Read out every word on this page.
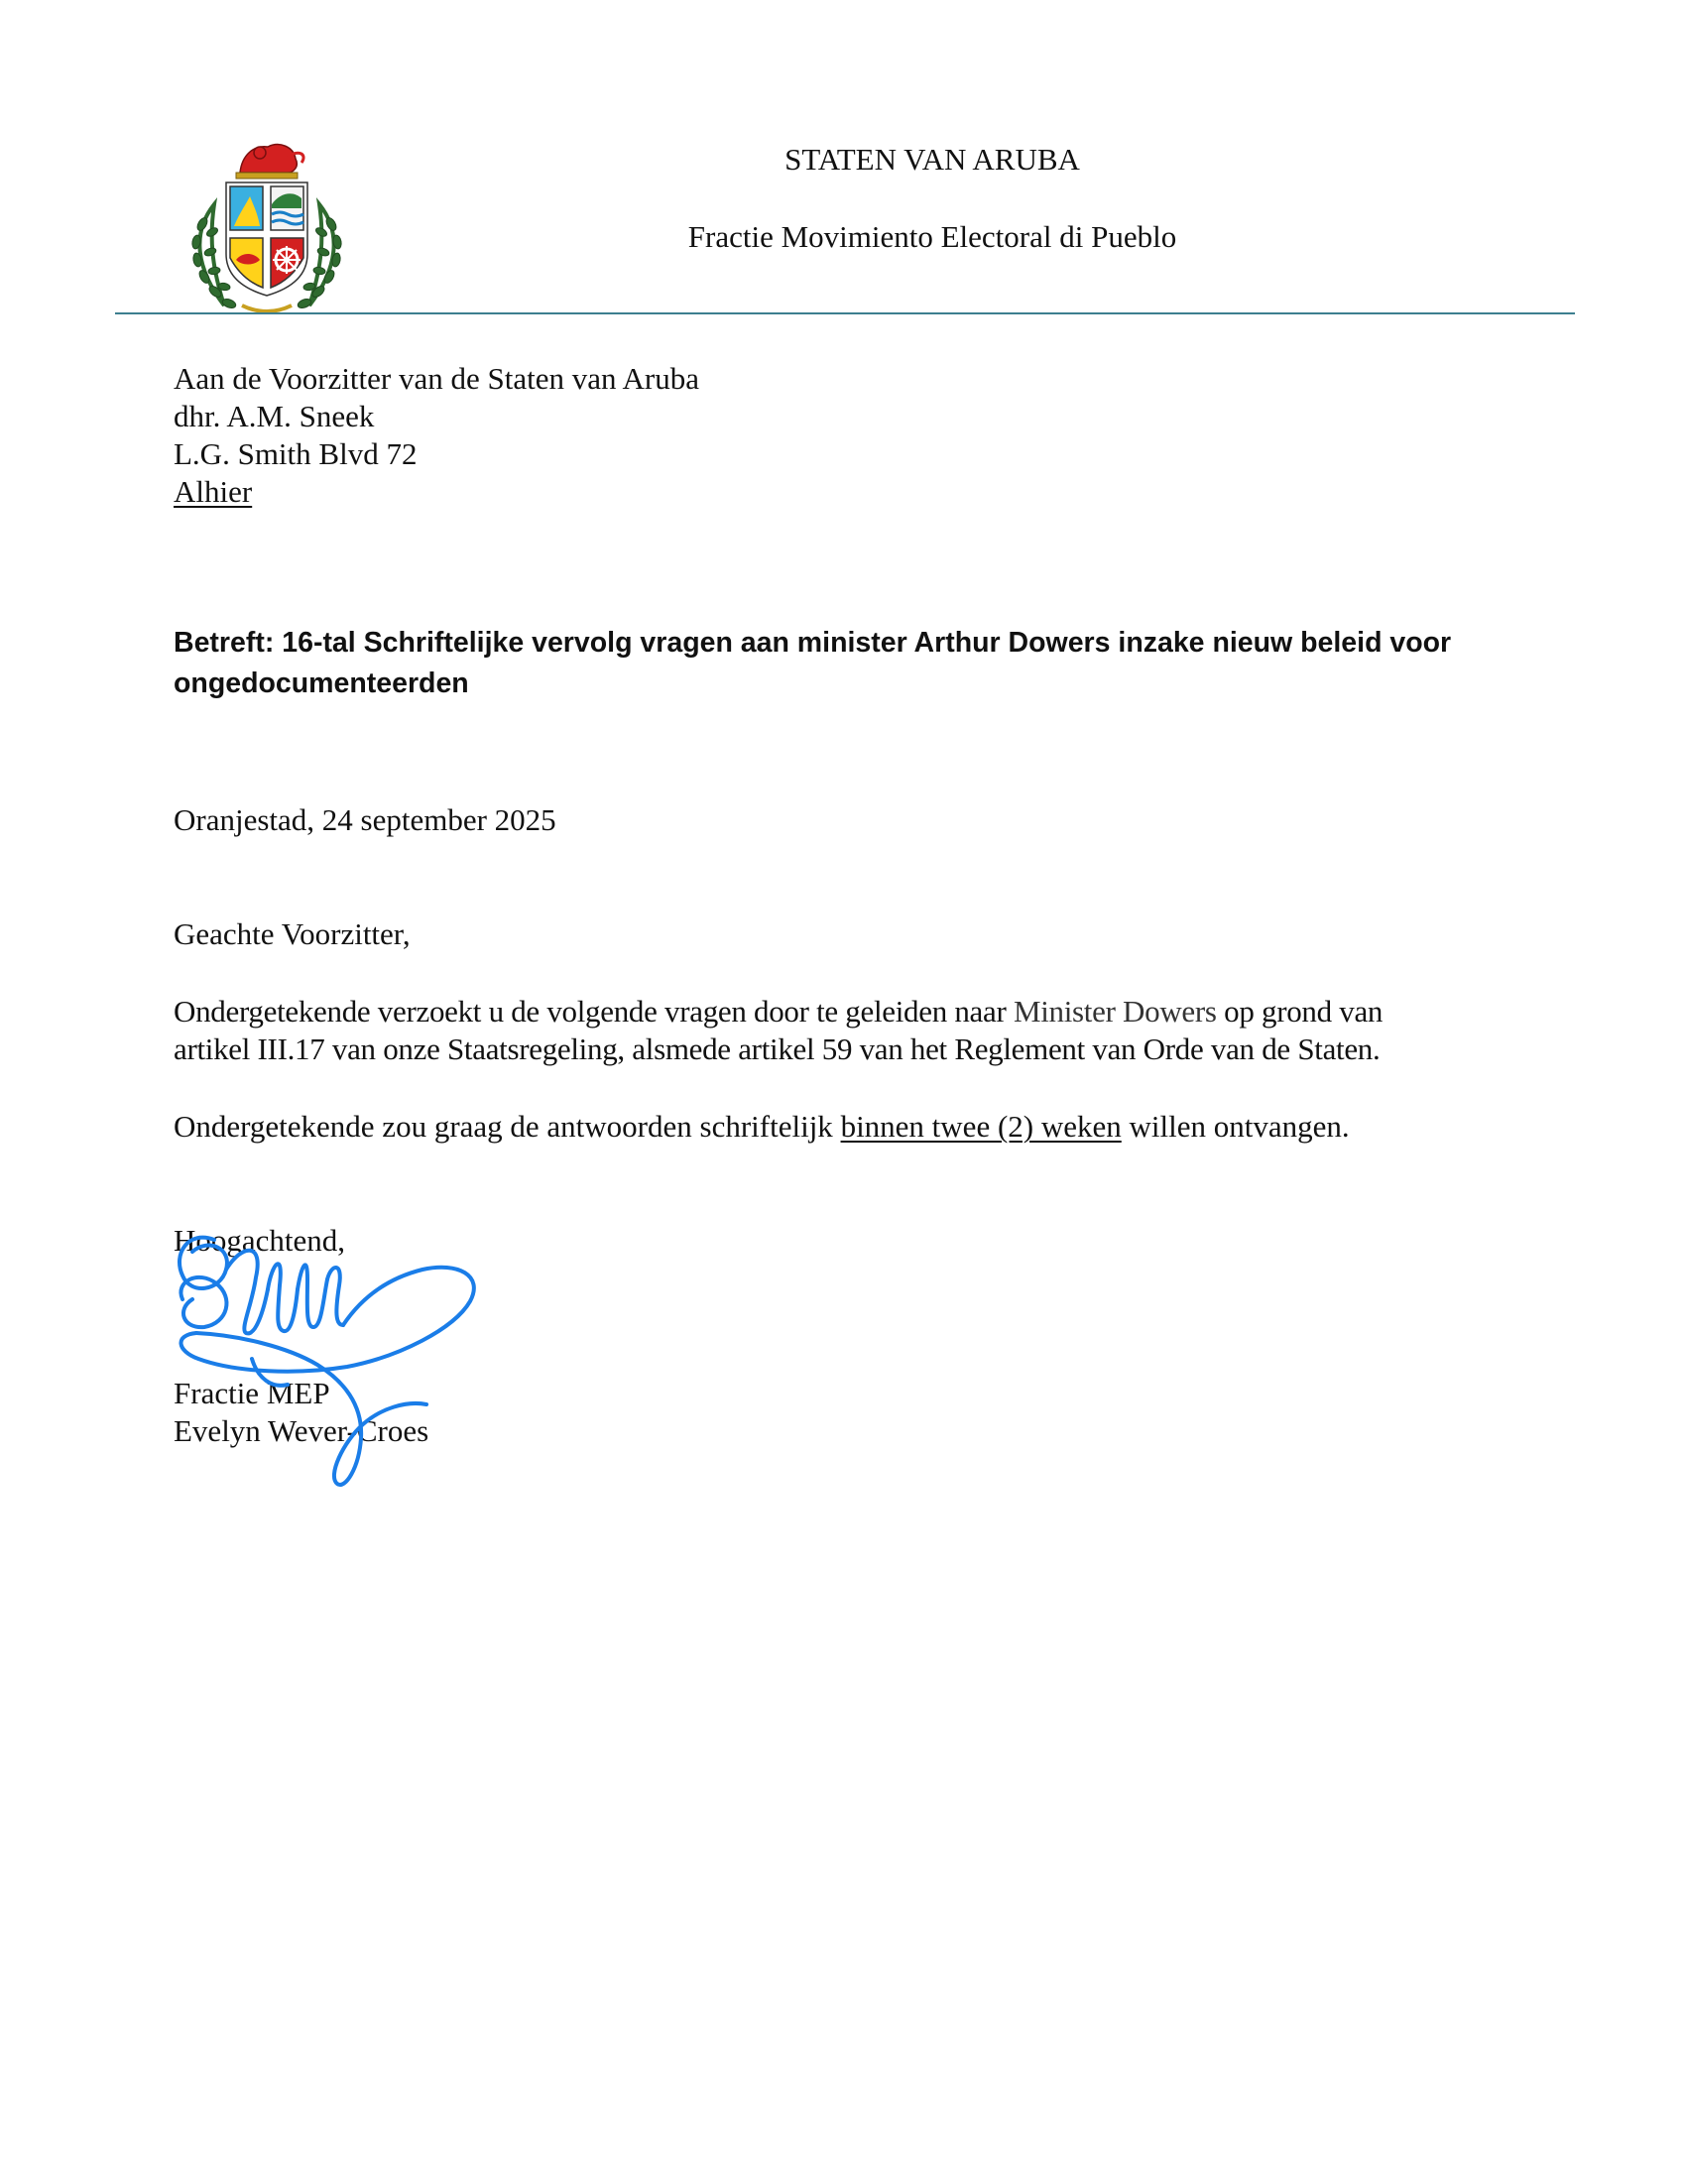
STATEN VAN ARUBA
Fractie Movimiento Electoral di Pueblo
Aan de Voorzitter van de Staten van Aruba
dhr. A.M. Sneek
L.G. Smith Blvd 72
Alhier
Betreft: 16-tal Schriftelijke vervolg vragen aan minister Arthur Dowers inzake nieuw beleid voor ongedocumenteerden
Oranjestad, 24 september 2025
Geachte Voorzitter,
Ondergetekende verzoekt u de volgende vragen door te geleiden naar Minister Dowers op grond van
artikel III.17 van onze Staatsregeling, alsmede artikel 59 van het Reglement van Orde van de Staten.
Ondergetekende zou graag de antwoorden schriftelijk binnen twee (2) weken willen ontvangen.
Hoogachtend,
Fractie MEP
Evelyn Wever-Croes
